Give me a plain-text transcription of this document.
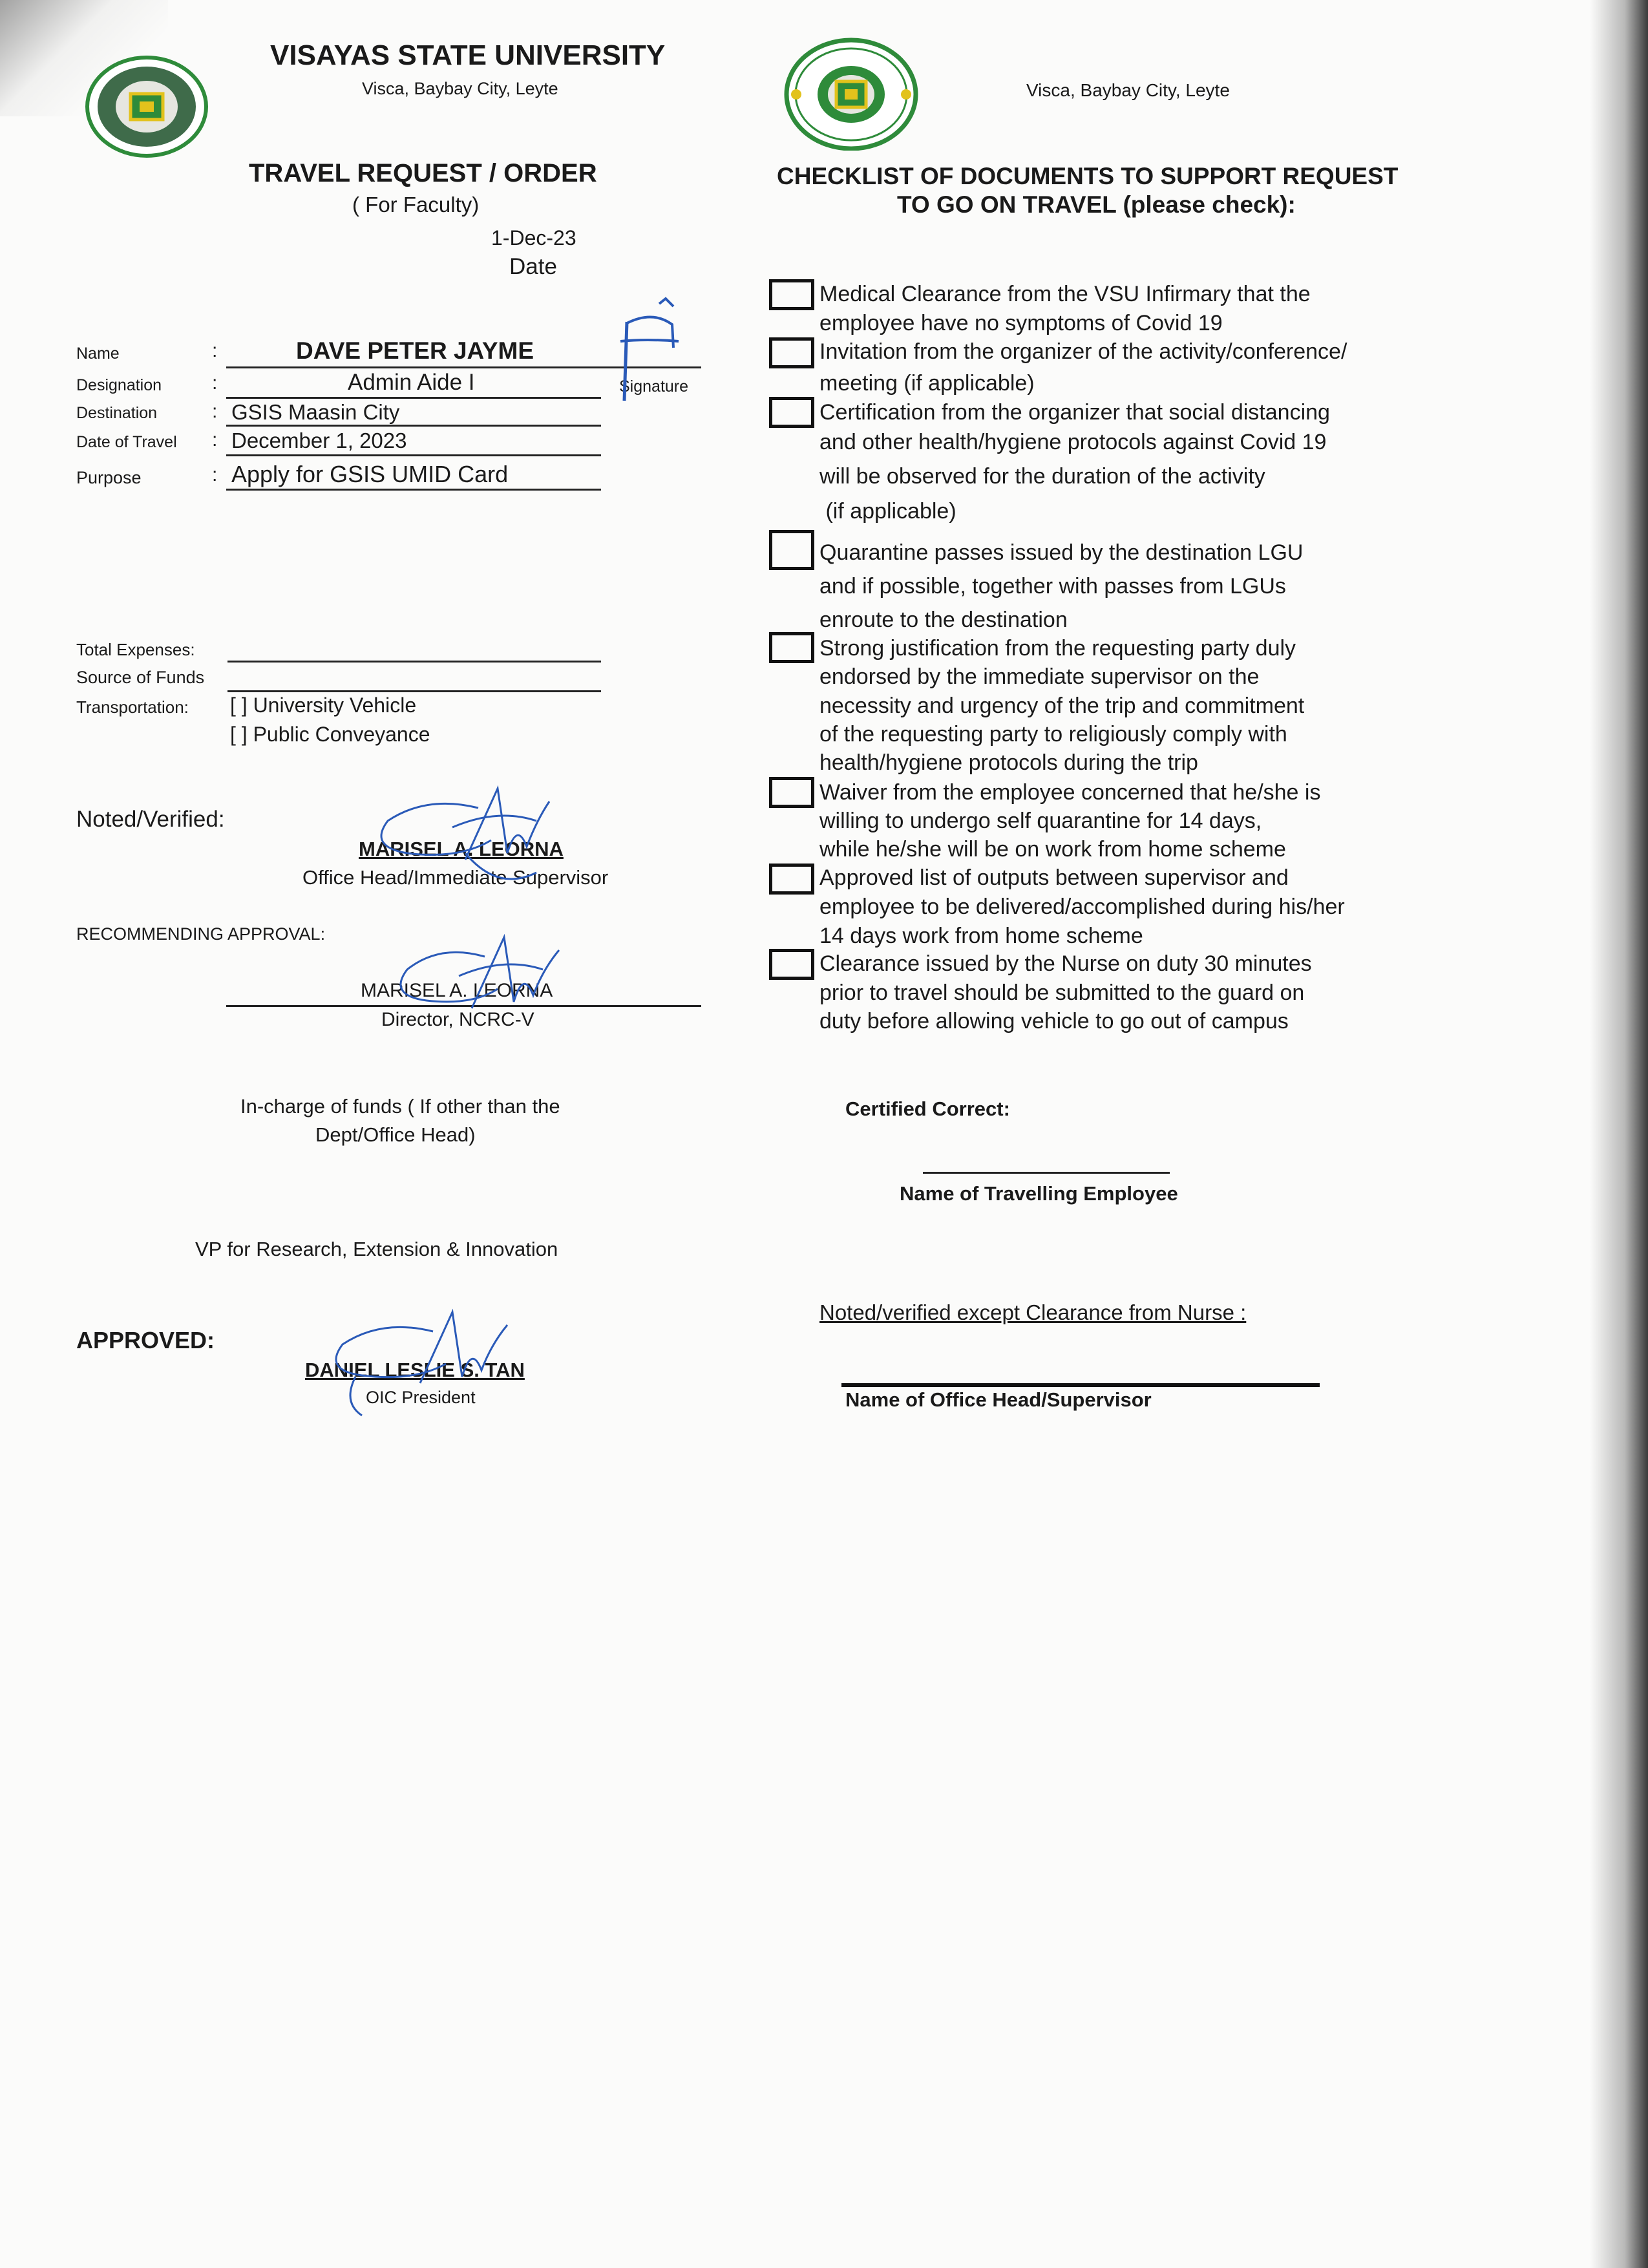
VISAYAS STATE UNIVERSITY
Visca, Baybay City, Leyte	Visca, Baybay City, Leyte
TRAVEL REQUEST / ORDER
( For Faculty)
1-Dec-23
Date
Name	:	DAVE PETER JAYME
Designation	:	Admin Aide I	Signature
Destination	: GSIS Maasin City
Date of Travel : December 1, 2023
Purpose	: Apply for GSIS UMID Card
Total Expenses:
Source of Funds
Transportation: [ ] University Vehicle
[ ] Public Conveyance
Noted/Verified:
MARISEL A. LEORNA
Office Head/Immediate Supervisor
RECOMMENDING APPROVAL:
MARISEL A. LEORNA
Director, NCRC-V
In-charge of funds ( If other than the
Dept/Office Head)
VP for Research, Extension & Innovation
APPROVED:
DANIEL LESLIE S. TAN
OIC President
CHECKLIST OF DOCUMENTS TO SUPPORT REQUEST
TO GO ON TRAVEL (please check):
Medical Clearance from the VSU Infirmary that the
employee have no symptoms of Covid 19
Invitation from the organizer of the activity/conference/
meeting (if applicable)
Certification from the organizer that social distancing
and other health/hygiene protocols against Covid 19
will be observed for the duration of the activity
(if applicable)
Quarantine passes issued by the destination LGU
and if possible, together with passes from LGUs
enroute to the destination
Strong justification from the requesting party duly
endorsed by the immediate supervisor on the
necessity and urgency of the trip and commitment
of the requesting party to religiously comply with
health/hygiene protocols during the trip
Waiver from the employee concerned that he/she is
willing to undergo self quarantine for 14 days,
while he/she will be on work from home scheme
Approved list of outputs between supervisor and
employee to be delivered/accomplished during his/her
14 days work from home scheme
Clearance issued by the Nurse on duty 30 minutes
prior to travel should be submitted to the guard on
duty before allowing vehicle to go out of campus
Certified Correct:
Name of Travelling Employee
Noted/verified except Clearance from Nurse :
Name of Office Head/Supervisor
